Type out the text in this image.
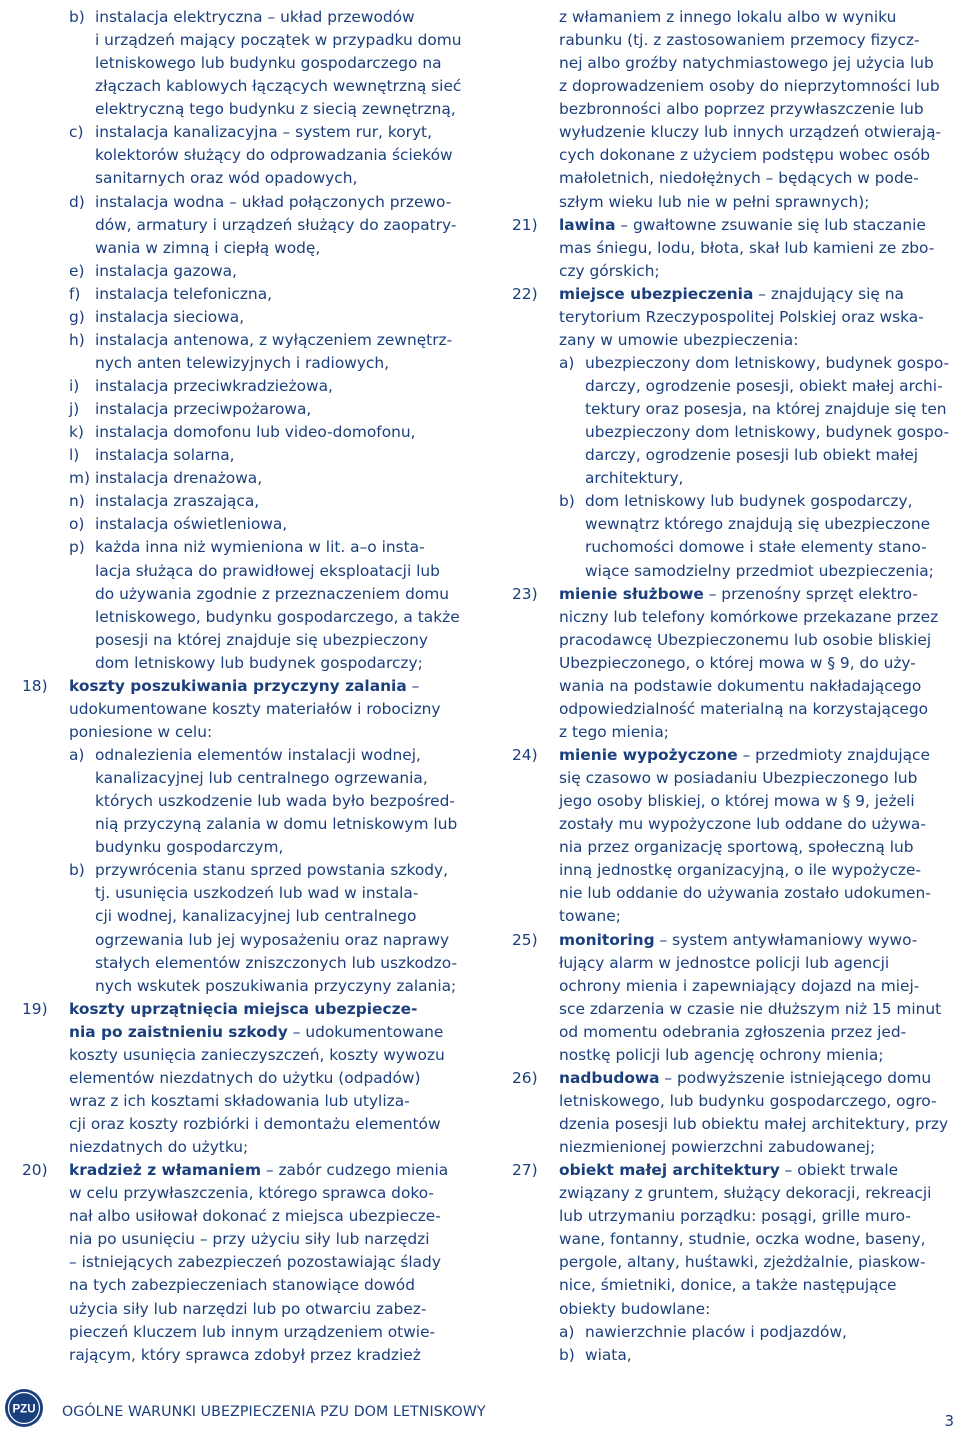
b) instalacja elektryczna – układ przewodów
i urządzeń mający początek w przypadku domu
letniskowego lub budynku gospodarczego na
złączach kablowych łączących wewnętrzną sieć
elektryczną tego budynku z siecią zewnętrzną,
c) instalacja kanalizacyjna – system rur, koryt,
kolektorów służący do odprowadzania ścieków
sanitarnych oraz wód opadowych,
d) instalacja wodna – układ połączonych przewo-
dów, armatury i urządzeń służący do zaopatry-
wania w zimną i ciepłą wodę,
e) instalacja gazowa,
f) instalacja telefoniczna,
g) instalacja sieciowa,
h) instalacja antenowa, z wyłączeniem zewnętrz-
nych anten telewizyjnych i radiowych,
i)	instalacja przeciwkradzieżowa,
j)	instalacja przeciwpożarowa,
k) instalacja domofonu lub video-domofonu,
l)	instalacja solarna,
m) instalacja drenażowa,
n) instalacja zraszająca,
o) instalacja oświetleniowa,
p) każda inna niż wymieniona w lit. a–o insta-
lacja służąca do prawidłowej eksploatacji lub
do używania zgodnie z przeznaczeniem domu
letniskowego, budynku gospodarczego, a także
posesji na której znajduje się ubezpieczony
dom letniskowy lub budynek gospodarczy;
18)	koszty poszukiwania przyczyny zalania –
udokumentowane koszty materiałów i robocizny
poniesione w celu:
a) odnalezienia elementów instalacji wodnej,
kanalizacyjnej lub centralnego ogrzewania,
których uszkodzenie lub wada było bezpośred-
nią przyczyną zalania w domu letniskowym lub
budynku gospodarczym,
b) przywrócenia stanu sprzed powstania szkody,
tj. usunięcia uszkodzeń lub wad w instala-
cji wodnej, kanalizacyjnej lub centralnego
ogrzewania lub jej wyposażeniu oraz naprawy
stałych elementów zniszczonych lub uszkodzo-
nych wskutek poszukiwania przyczyny zalania;
19)	koszty uprzątnięcia miejsca ubezpiecze-
nia po zaistnieniu szkody – udokumentowane
koszty usunięcia zanieczyszczeń, koszty wywozu
elementów niezdatnych do użytku (odpadów)
wraz z ich kosztami składowania lub utyliza-
cji oraz koszty rozbiórki i demontażu elementów
niezdatnych do użytku;
20)	kradzież z włamaniem – zabór cudzego mienia
w celu przywłaszczenia, którego sprawca doko-
nał albo usiłował dokonać z miejsca ubezpiecze-
nia po usunięciu – przy użyciu siły lub narzędzi
– istniejących zabezpieczeń pozostawiając ślady
na tych zabezpieczeniach stanowiące dowód
użycia siły lub narzędzi lub po otwarciu zabez-
pieczeń kluczem lub innym urządzeniem otwie-
rającym, który sprawca zdobył przez kradzież
z włamaniem z innego lokalu albo w wyniku
rabunku (tj. z zastosowaniem przemocy fizycz-
nej albo groźby natychmiastowego jej użycia lub
z doprowadzeniem osoby do nieprzytomności lub
bezbronności albo poprzez przywłaszczenie lub
wyłudzenie kluczy lub innych urządzeń otwierają-
cych dokonane z użyciem podstępu wobec osób
małoletnich, niedołężnych – będących w pode-
szłym wieku lub nie w pełni sprawnych);
21)	lawina – gwałtowne zsuwanie się lub staczanie
mas śniegu, lodu, błota, skał lub kamieni ze zbo-
czy górskich;
22)	miejsce ubezpieczenia – znajdujący się na
terytorium Rzeczypospolitej Polskiej oraz wska-
zany w umowie ubezpieczenia:
a) ubezpieczony dom letniskowy, budynek gospo-
darczy, ogrodzenie posesji, obiekt małej archi-
tektury oraz posesja, na której znajduje się ten
ubezpieczony dom letniskowy, budynek gospo-
darczy, ogrodzenie posesji lub obiekt małej
architektury,
b) dom letniskowy lub budynek gospodarczy,
wewnątrz którego znajdują się ubezpieczone
ruchomości domowe i stałe elementy stano-
wiące samodzielny przedmiot ubezpieczenia;
23)	mienie służbowe – przenośny sprzęt elektro-
niczny lub telefony komórkowe przekazane przez
pracodawcę Ubezpieczonemu lub osobie bliskiej
Ubezpieczonego, o której mowa w § 9, do uży-
wania na podstawie dokumentu nakładającego
odpowiedzialność materialną na korzystającego
z tego mienia;
24)	mienie wypożyczone – przedmioty znajdujące
się czasowo w posiadaniu Ubezpieczonego lub
jego osoby bliskiej, o której mowa w § 9, jeżeli
zostały mu wypożyczone lub oddane do używa-
nia przez organizację sportową, społeczną lub
inną jednostkę organizacyjną, o ile wypożycze-
nie lub oddanie do używania zostało udokumen-
towane;
25)	monitoring – system antywłamaniowy wywo-
łujący alarm w jednostce policji lub agencji
ochrony mienia i zapewniający dojazd na miej-
sce zdarzenia w czasie nie dłuższym niż 15 minut
od momentu odebrania zgłoszenia przez jed-
nostkę policji lub agencję ochrony mienia;
26)	nadbudowa – podwyższenie istniejącego domu
letniskowego, lub budynku gospodarczego, ogro-
dzenia posesji lub obiektu małej architektury, przy
niezmienionej powierzchni zabudowanej;
27)	obiekt małej architektury – obiekt trwale
związany z gruntem, służący dekoracji, rekreacji
lub utrzymaniu porządku: posągi, grille muro-
wane, fontanny, studnie, oczka wodne, baseny,
pergole, altany, huśtawki, zjeżdżalnie, piaskow-
nice, śmietniki, donice, a także następujące
obiekty budowlane:
a) nawierzchnie placów i podjazdów,
b) wiata,
PZU OGÓLNE WARUNKI UBEZPIECZENIA PZU DOM LETNISKOWY	3
